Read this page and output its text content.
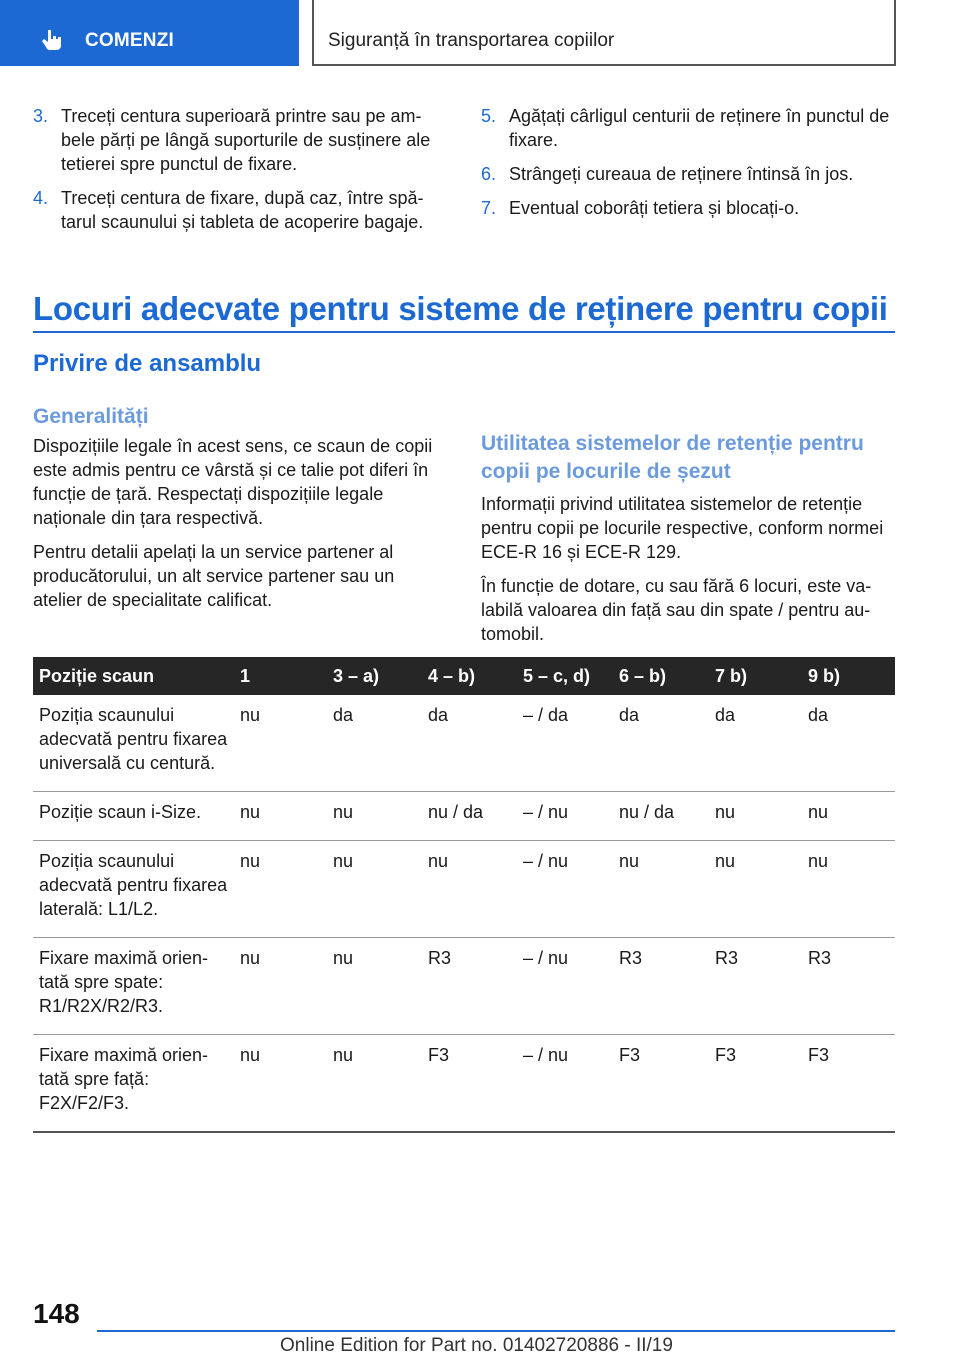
COMENZI	Siguranță în transportarea copiilor
3. Treceți centura superioară printre sau pe ambele părți pe lângă suporturile de susținere ale tetierei spre punctul de fixare.
4. Treceți centura de fixare, după caz, între spătarul scaunului și tableta de acoperire bagaje.
5. Agățați cârligul centurii de reținere în punctul de fixare.
6. Strângeți cureaua de reținere întinsă în jos.
7. Eventual coborâți tetiera și blocați-o.
Locuri adecvate pentru sisteme de reținere pentru copii
Privire de ansamblu
Generalități

Dispozițiile legale în acest sens, ce scaun de copii este admis pentru ce vârstă și ce talie pot diferi în funcție de țară. Respectați dispozițiile legale naționale din țara respectivă.

Pentru detalii apelați la un service partener al producătorului, un alt service partener sau un atelier de specialitate calificat.

Utilitatea sistemelor de retenție pentru copii pe locurile de șezut

Informații privind utilitatea sistemelor de retenție pentru copii pe locurile respective, conform normei ECE-R 16 și ECE-R 129.

În funcție de dotare, cu sau fără 6 locuri, este valabilă valoarea din față sau din spate / pentru automobil.

Poziție scaun	1	3 – a)	4 – b)	5 – c, d)	6 – b)	7 b)	9 b)
Poziția scaunului adecvată pentru fixarea universală cu centură.	nu	da	da	– / da	da	da	da
Poziție scaun i-Size.	nu	nu	nu / da	– / nu	nu / da	nu	nu
Poziția scaunului adecvată pentru fixarea laterală: L1/L2.	nu	nu	nu	– / nu	nu	nu	nu
Fixare maximă orientată spre spate: R1/R2X/R2/R3.	nu	nu	R3	– / nu	R3	R3	R3
Fixare maximă orientată spre față: F2X/F2/F3.	nu	nu	F3	– / nu	F3	F3	F3
148
Online Edition for Part no. 01402720886 - II/19
